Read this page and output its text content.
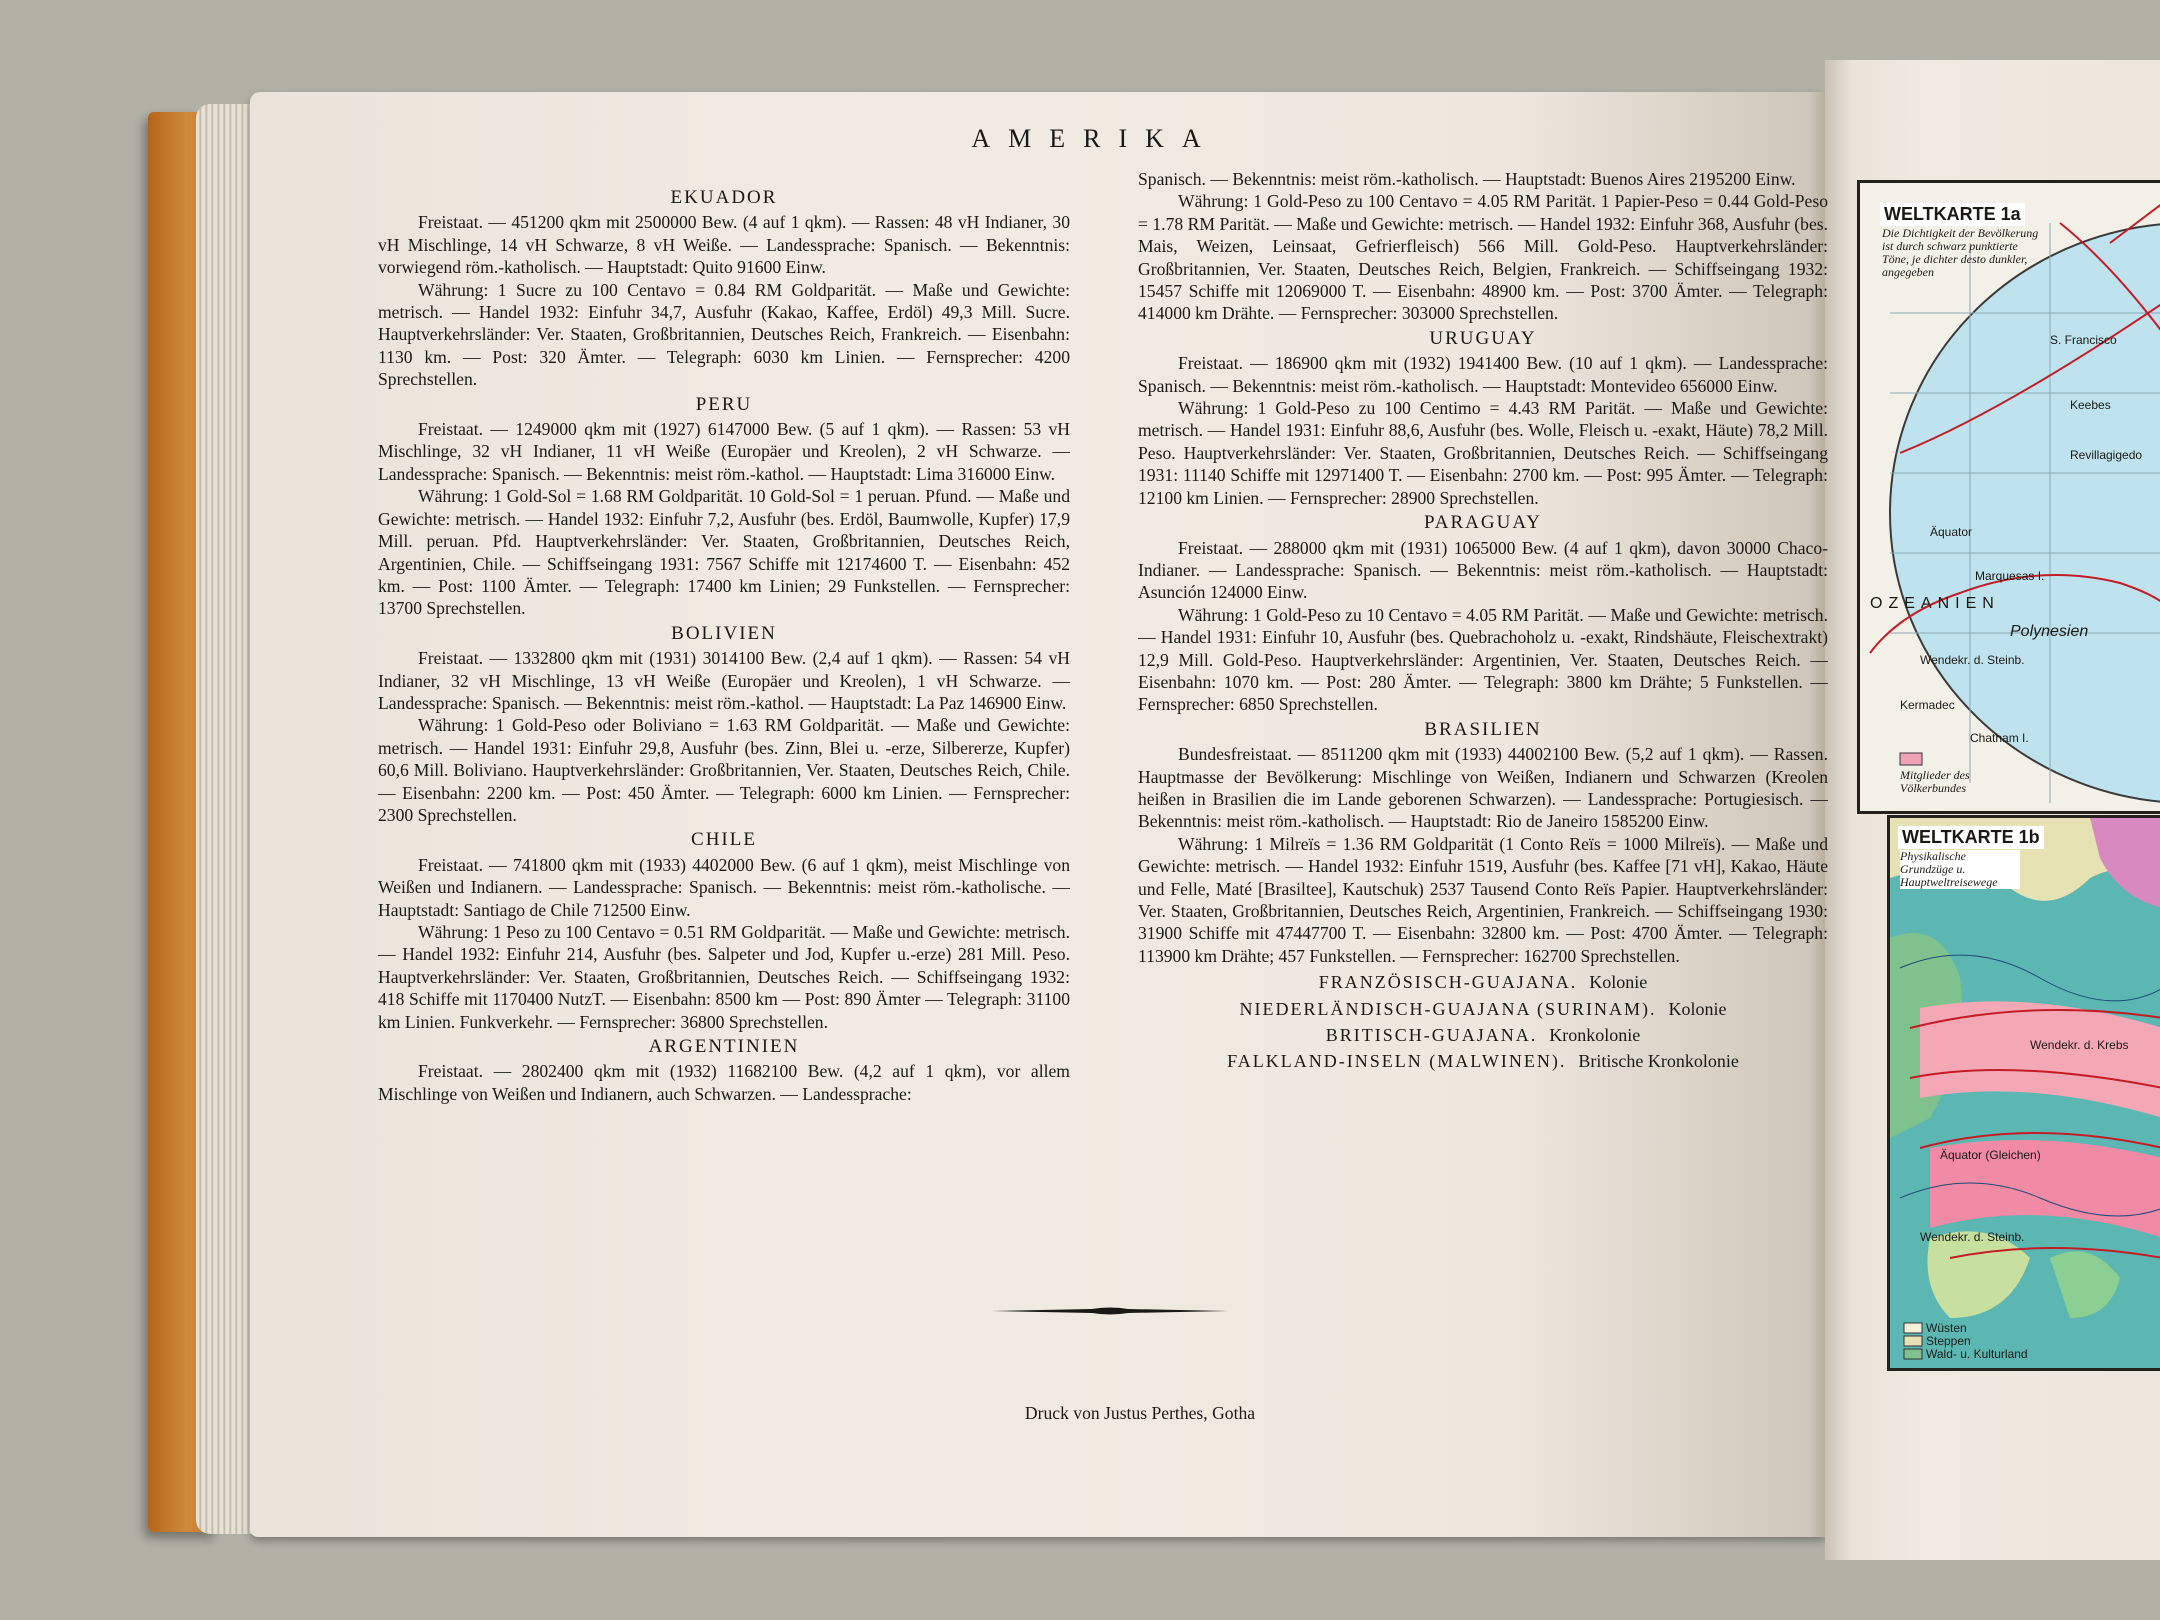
AMERIKA
EKUADOR

Freistaat. — 451200 qkm mit 2500000 Bew. (4 auf 1 qkm). — Rassen: 48 vH Indianer, 30 vH Mischlinge, 14 vH Schwarze, 8 vH Weiße. — Landessprache: Spanisch. — Bekenntnis: vorwiegend röm.-katholisch. — Hauptstadt: Quito 91600 Einw.

Währung: 1 Sucre zu 100 Centavo = 0.84 RM Goldparität. — Maße und Gewichte: metrisch. — Handel 1932: Einfuhr 34,7, Ausfuhr (Kakao, Kaffee, Erdöl) 49,3 Mill. Sucre. Hauptverkehrsländer: Ver. Staaten, Großbritannien, Deutsches Reich, Frankreich. — Eisenbahn: 1130 km. — Post: 320 Ämter. — Telegraph: 6030 km Linien. — Fernsprecher: 4200 Sprechstellen.

PERU

Freistaat. — 1249000 qkm mit (1927) 6147000 Bew. (5 auf 1 qkm). — Rassen: 53 vH Mischlinge, 32 vH Indianer, 11 vH Weiße (Europäer und Kreolen), 2 vH Schwarze. — Landessprache: Spanisch. — Bekenntnis: meist röm.-kathol. — Hauptstadt: Lima 316000 Einw.

Währung: 1 Gold-Sol = 1.68 RM Goldparität. 10 Gold-Sol = 1 peruan. Pfund. — Maße und Gewichte: metrisch. — Handel 1932: Einfuhr 7,2, Ausfuhr (bes. Erdöl, Baumwolle, Kupfer) 17,9 Mill. peruan. Pfd. Hauptverkehrsländer: Ver. Staaten, Großbritannien, Deutsches Reich, Argentinien, Chile. — Schiffseingang 1931: 7567 Schiffe mit 12174600 T. — Eisenbahn: 452 km. — Post: 1100 Ämter. — Telegraph: 17400 km Linien; 29 Funkstellen. — Fernsprecher: 13700 Sprechstellen.

BOLIVIEN

Freistaat. — 1332800 qkm mit (1931) 3014100 Bew. (2,4 auf 1 qkm). — Rassen: 54 vH Indianer, 32 vH Mischlinge, 13 vH Weiße (Europäer und Kreolen), 1 vH Schwarze. — Landessprache: Spanisch. — Bekenntnis: meist röm.-kathol. — Hauptstadt: La Paz 146900 Einw.

Währung: 1 Gold-Peso oder Boliviano = 1.63 RM Goldparität. — Maße und Gewichte: metrisch. — Handel 1931: Einfuhr 29,8, Ausfuhr (bes. Zinn, Blei u. -erze, Silbererze, Kupfer) 60,6 Mill. Boliviano. Hauptverkehrsländer: Großbritannien, Ver. Staaten, Deutsches Reich, Chile. — Eisenbahn: 2200 km. — Post: 450 Ämter. — Telegraph: 6000 km Linien. — Fernsprecher: 2300 Sprechstellen.

CHILE

Freistaat. — 741800 qkm mit (1933) 4402000 Bew. (6 auf 1 qkm), meist Mischlinge von Weißen und Indianern. — Landessprache: Spanisch. — Bekenntnis: meist röm.-katholische. — Hauptstadt: Santiago de Chile 712500 Einw.

Währung: 1 Peso zu 100 Centavo = 0.51 RM Goldparität. — Maße und Gewichte: metrisch. — Handel 1932: Einfuhr 214, Ausfuhr (bes. Salpeter und Jod, Kupfer u.-erze) 281 Mill. Peso. Hauptverkehrsländer: Ver. Staaten, Großbritannien, Deutsches Reich. — Schiffseingang 1932: 418 Schiffe mit 1170400 NutzT. — Eisenbahn: 8500 km — Post: 890 Ämter — Telegraph: 31100 km Linien. Funkverkehr. — Fernsprecher: 36800 Sprechstellen.

ARGENTINIEN

Freistaat. — 2802400 qkm mit (1932) 11682100 Bew. (4,2 auf 1 qkm), vor allem Mischlinge von Weißen und Indianern, auch Schwarzen. — Landessprache:

Spanisch. — Bekenntnis: meist röm.-katholisch. — Hauptstadt: Buenos Aires 2195200 Einw.

Währung: 1 Gold-Peso zu 100 Centavo = 4.05 RM Parität. 1 Papier-Peso = 0.44 Gold-Peso = 1.78 RM Parität. — Maße und Gewichte: metrisch. — Handel 1932: Einfuhr 368, Ausfuhr (bes. Mais, Weizen, Leinsaat, Gefrierfleisch) 566 Mill. Gold-Peso. Hauptverkehrsländer: Großbritannien, Ver. Staaten, Deutsches Reich, Belgien, Frankreich. — Schiffseingang 1932: 15457 Schiffe mit 12069000 T. — Eisenbahn: 48900 km. — Post: 3700 Ämter. — Telegraph: 414000 km Drähte. — Fernsprecher: 303000 Sprechstellen.

URUGUAY

Freistaat. — 186900 qkm mit (1932) 1941400 Bew. (10 auf 1 qkm). — Landessprache: Spanisch. — Bekenntnis: meist röm.-katholisch. — Hauptstadt: Montevideo 656000 Einw.

Währung: 1 Gold-Peso zu 100 Centimo = 4.43 RM Parität. — Maße und Gewichte: metrisch. — Handel 1931: Einfuhr 88,6, Ausfuhr (bes. Wolle, Fleisch u. -exakt, Häute) 78,2 Mill. Peso. Hauptverkehrsländer: Ver. Staaten, Großbritannien, Deutsches Reich. — Schiffseingang 1931: 11140 Schiffe mit 12971400 T. — Eisenbahn: 2700 km. — Post: 995 Ämter. — Telegraph: 12100 km Linien. — Fernsprecher: 28900 Sprechstellen.

PARAGUAY

Freistaat. — 288000 qkm mit (1931) 1065000 Bew. (4 auf 1 qkm), davon 30000 Chaco-Indianer. — Landessprache: Spanisch. — Bekenntnis: meist röm.-katholisch. — Hauptstadt: Asunción 124000 Einw.

Währung: 1 Gold-Peso zu 10 Centavo = 4.05 RM Parität. — Maße und Gewichte: metrisch. — Handel 1931: Einfuhr 10, Ausfuhr (bes. Quebrachoholz u. -exakt, Rindshäute, Fleischextrakt) 12,9 Mill. Gold-Peso. Hauptverkehrsländer: Argentinien, Ver. Staaten, Deutsches Reich. — Eisenbahn: 1070 km. — Post: 280 Ämter. — Telegraph: 3800 km Drähte; 5 Funkstellen. — Fernsprecher: 6850 Sprechstellen.

BRASILIEN

Bundesfreistaat. — 8511200 qkm mit (1933) 44002100 Bew. (5,2 auf 1 qkm). — Rassen. Hauptmasse der Bevölkerung: Mischlinge von Weißen, Indianern und Schwarzen (Kreolen heißen in Brasilien die im Lande geborenen Schwarzen). — Landessprache: Portugiesisch. — Bekenntnis: meist röm.-katholisch. — Hauptstadt: Rio de Janeiro 1585200 Einw.

Währung: 1 Milreïs = 1.36 RM Goldparität (1 Conto Reïs = 1000 Milreïs). — Maße und Gewichte: metrisch. — Handel 1932: Einfuhr 1519, Ausfuhr (bes. Kaffee [71 vH], Kakao, Häute und Felle, Maté [Brasiltee], Kautschuk) 2537 Tausend Conto Reïs Papier. Hauptverkehrsländer: Ver. Staaten, Großbritannien, Deutsches Reich, Argentinien, Frankreich. — Schiffseingang 1930: 31900 Schiffe mit 47447700 T. — Eisenbahn: 32800 km. — Post: 4700 Ämter. — Telegraph: 113900 km Drähte; 457 Funkstellen. — Fernsprecher: 162700 Sprechstellen.

FRANZÖSISCH-GUAJANA. Kolonie
NIEDERLÄNDISCH-GUAJANA (SURINAM). Kolonie
BRITISCH-GUAJANA. Kronkolonie
FALKLAND-INSELN (MALWINEN). Britische Kronkolonie
Druck von Justus Perthes, Gotha
WELTKARTE 1a
Die Dichtigkeit der Bevölkerung ist durch schwarz punktierte Töne, je dichter desto dunkler, angegeben
S. Francisco
Keebes
Revillagigedo
Äquator
Marquesas I.
Polynesien
Wendekr. d. Steinb.
Kermadec
Chatham I.
OZEANIEN
Mitglieder des Völkerbundes
WELTKARTE 1b
Physikalische Grundzüge u. Hauptweltreisewege
Wendekr. d. Krebs
Äquator (Gleichen)
Wendekr. d. Steinb.
Wüsten
Steppen
Wald- u. Kulturland
